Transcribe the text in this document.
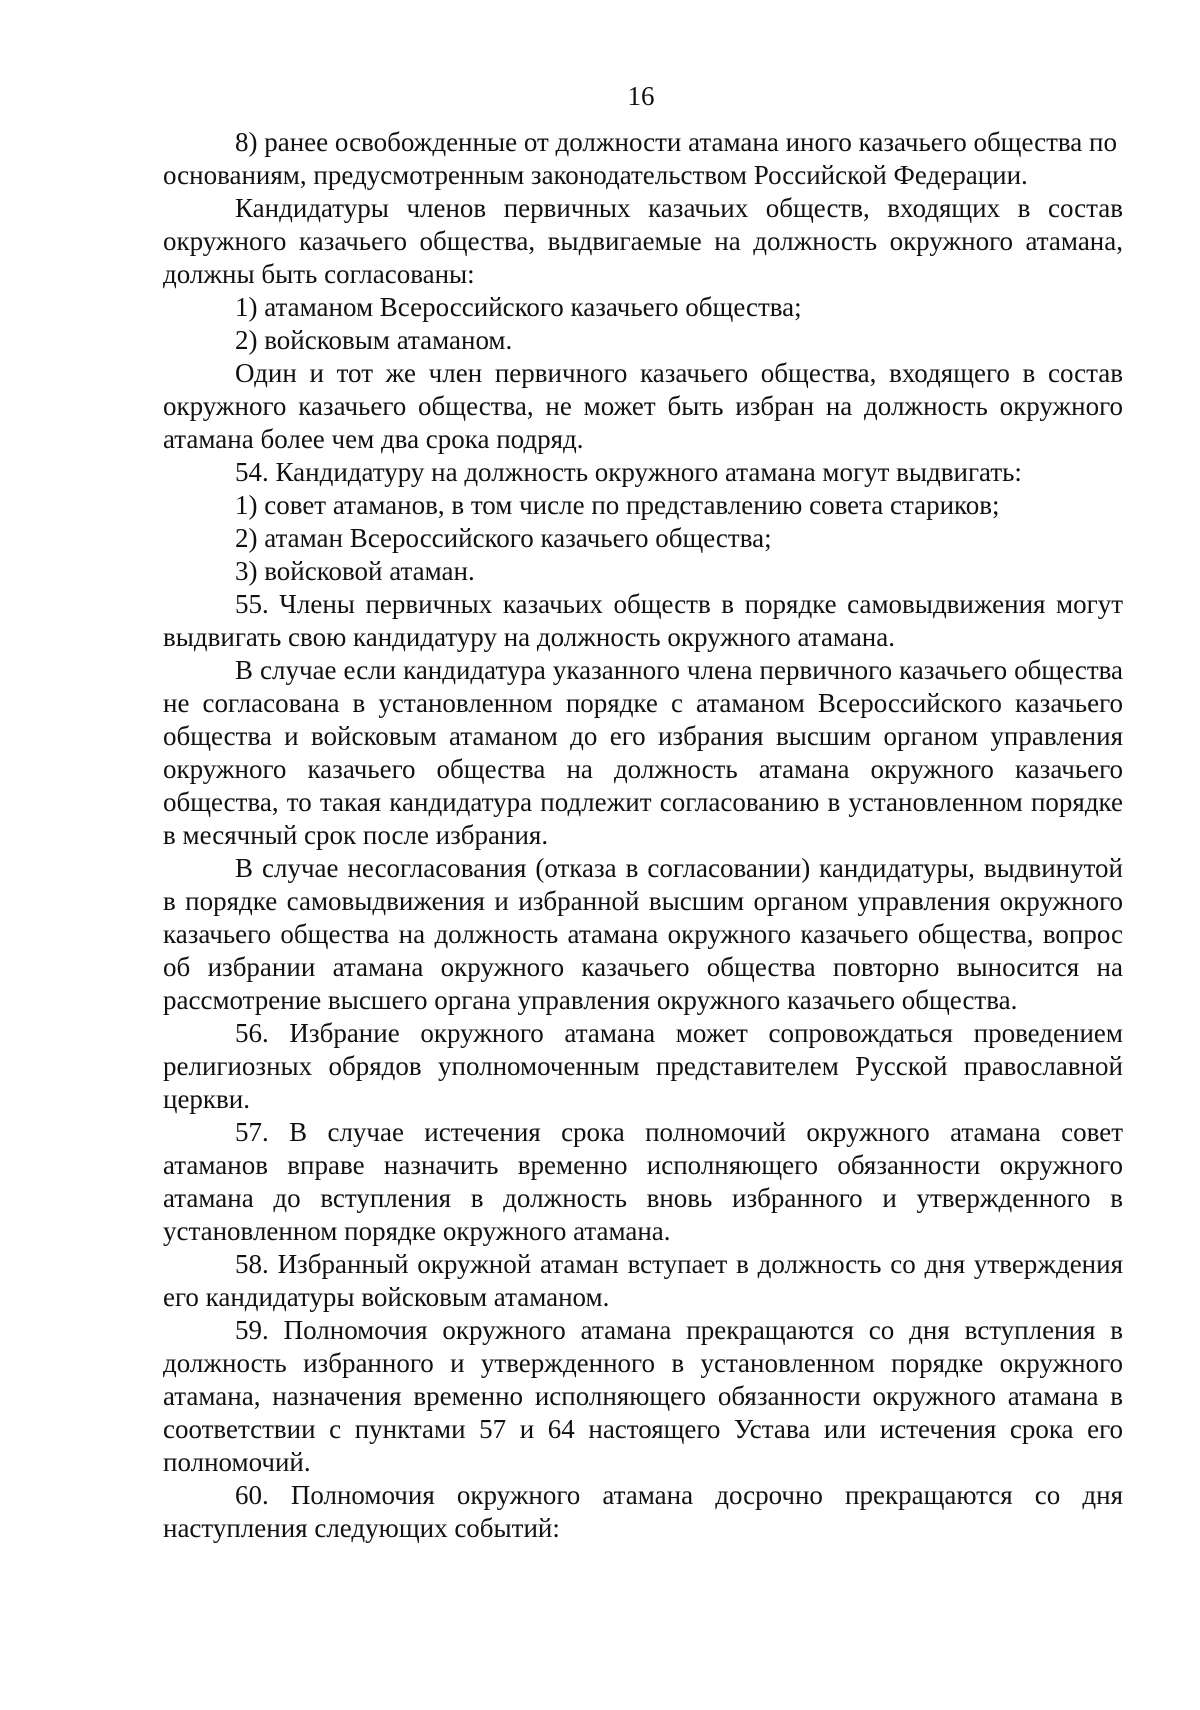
16

8) ранее освобожденные от должности атамана иного казачьего общества по основаниям, предусмотренным законодательством Российской Федерации.

Кандидатуры членов первичных казачьих обществ, входящих в состав окружного казачьего общества, выдвигаемые на должность окружного атамана, должны быть согласованы:

1) атаманом Всероссийского казачьего общества;

2) войсковым атаманом.

Один и тот же член первичного казачьего общества, входящего в состав окружного казачьего общества, не может быть избран на должность окружного атамана более чем два срока подряд.

54. Кандидатуру на должность окружного атамана могут выдвигать:

1) совет атаманов, в том числе по представлению совета стариков;

2) атаман Всероссийского казачьего общества;

3) войсковой атаман.

55. Члены первичных казачьих обществ в порядке самовыдвижения могут выдвигать свою кандидатуру на должность окружного атамана.

В случае если кандидатура указанного члена первичного казачьего общества не согласована в установленном порядке с атаманом Всероссийского казачьего общества и войсковым атаманом до его избрания высшим органом управления окружного казачьего общества на должность атамана окружного казачьего общества, то такая кандидатура подлежит согласованию в установленном порядке в месячный срок после избрания.

В случае несогласования (отказа в согласовании) кандидатуры, выдвинутой в порядке самовыдвижения и избранной высшим органом управления окружного казачьего общества на должность атамана окружного казачьего общества, вопрос об избрании атамана окружного казачьего общества повторно выносится на рассмотрение высшего органа управления окружного казачьего общества.

56. Избрание окружного атамана может сопровождаться проведением религиозных обрядов уполномоченным представителем Русской православной церкви.

57. В случае истечения срока полномочий окружного атамана совет атаманов вправе назначить временно исполняющего обязанности окружного атамана до вступления в должность вновь избранного и утвержденного в установленном порядке окружного атамана.

58. Избранный окружной атаман вступает в должность со дня утверждения его кандидатуры войсковым атаманом.

59. Полномочия окружного атамана прекращаются со дня вступления в должность избранного и утвержденного в установленном порядке окружного атамана, назначения временно исполняющего обязанности окружного атамана в соответствии с пунктами 57 и 64 настоящего Устава или истечения срока его полномочий.

60. Полномочия окружного атамана досрочно прекращаются со дня наступления следующих событий:
